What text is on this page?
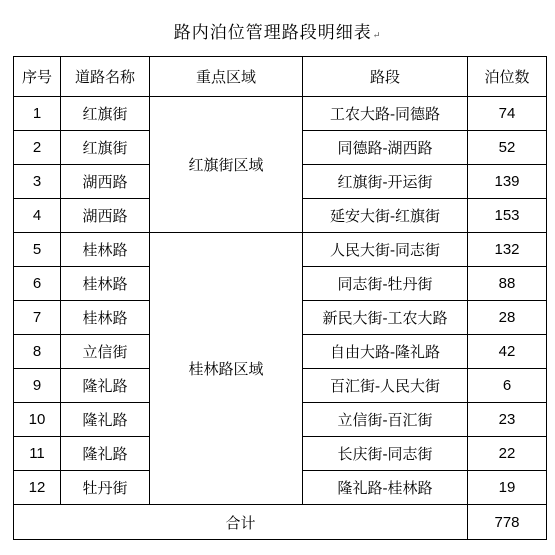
路内泊位管理路段明细表↵
序号	道路名称	重点区域	路段	泊位数
1	红旗街	红旗街区域	工农大路-同德路	74
2	红旗街		同德路-湖西路	52
3	湖西路		红旗街-开运街	139
4	湖西路		延安大街-红旗街	153
5	桂林路	桂林路区域	人民大街-同志街	132
6	桂林路		同志街-牡丹街	88
7	桂林路		新民大街-工农大路	28
8	立信街		自由大路-隆礼路	42
9	隆礼路		百汇街-人民大街	6
10	隆礼路		立信街-百汇街	23
11	隆礼路		长庆街-同志街	22
12	牡丹街		隆礼路-桂林路	19
合计				778
